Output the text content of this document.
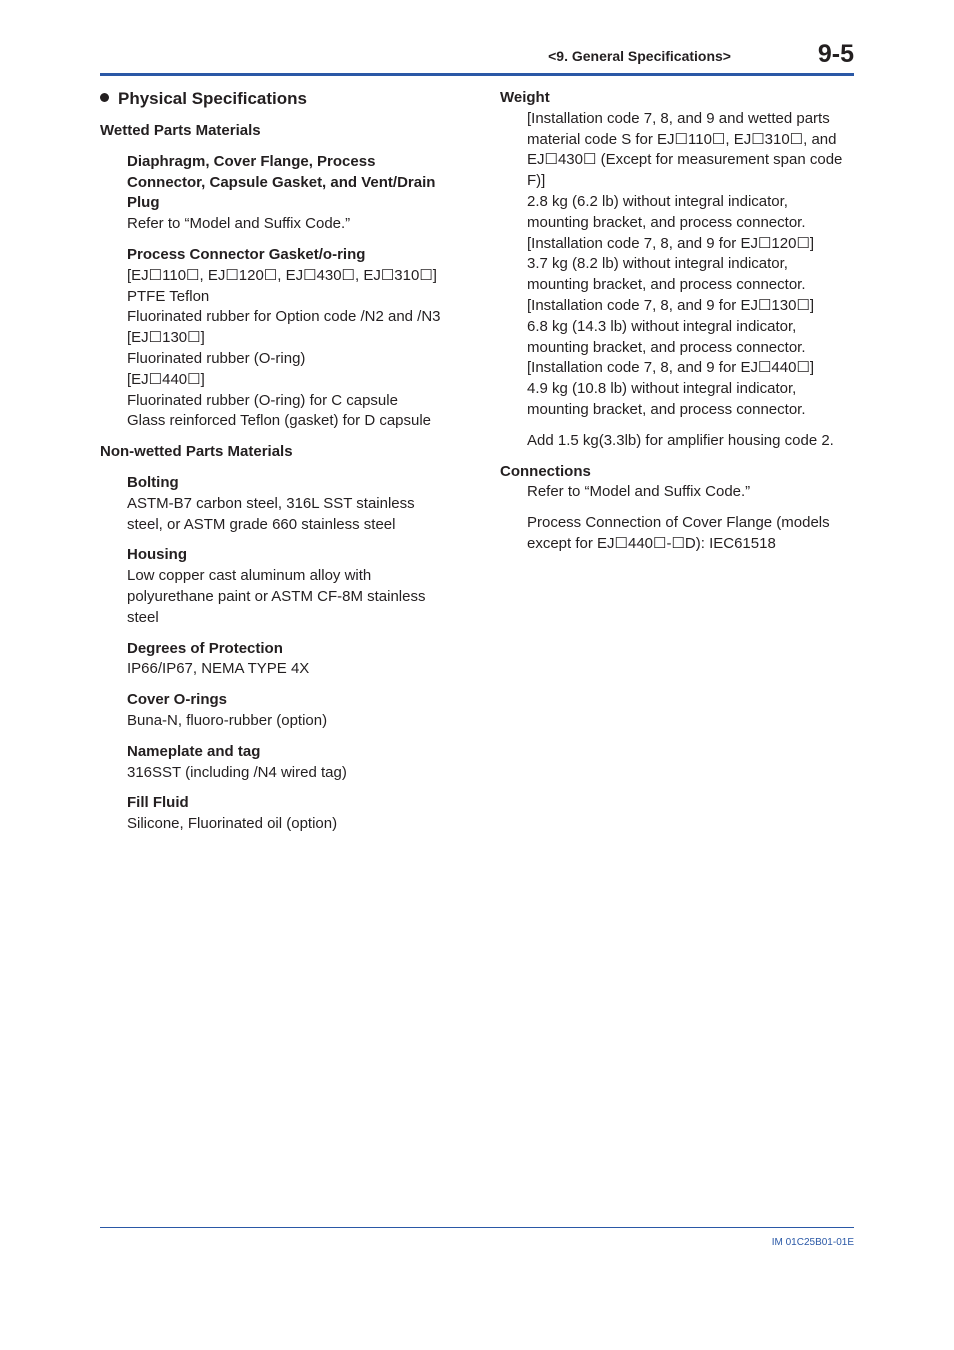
<9. General Specifications>	9-5
Physical Specifications
Wetted Parts Materials
Diaphragm, Cover Flange, Process
Connector, Capsule Gasket, and Vent/Drain
Plug
Refer to “Model and Suffix Code.”
Process Connector Gasket/o-ring
[EJ☐110☐, EJ☐120☐, EJ☐430☐, EJ☐310☐]
PTFE Teflon
Fluorinated rubber for Option code /N2 and /N3
[EJ☐130☐]
Fluorinated rubber (O-ring)
[EJ☐440☐]
Fluorinated rubber (O-ring) for C capsule
Glass reinforced Teflon (gasket) for D capsule
Non-wetted Parts Materials
Bolting
ASTM-B7 carbon steel, 316L SST stainless
steel, or ASTM grade 660 stainless steel
Housing
Low copper cast aluminum alloy with
polyurethane paint or ASTM CF-8M stainless
steel
Degrees of Protection
IP66/IP67, NEMA TYPE 4X
Cover O-rings
Buna-N, fluoro-rubber (option)
Nameplate and tag
316SST (including /N4 wired tag)
Fill Fluid
Silicone, Fluorinated oil (option)
Weight
[Installation code 7, 8, and 9 and wetted parts
material code S for EJ☐110☐, EJ☐310☐, and
EJ☐430☐ (Except for measurement span code
F)]
2.8 kg (6.2 lb) without integral indicator,
mounting bracket, and process connector.
[Installation code 7, 8, and 9 for EJ☐120☐]
3.7 kg (8.2 lb) without integral indicator,
mounting bracket, and process connector.
[Installation code 7, 8, and 9 for EJ☐130☐]
6.8 kg (14.3 lb) without integral indicator,
mounting bracket, and process connector.
[Installation code 7, 8, and 9 for EJ☐440☐]
4.9 kg (10.8 lb) without integral indicator,
mounting bracket, and process connector.
Add 1.5 kg(3.3lb) for amplifier housing code 2.
Connections
Refer to “Model and Suffix Code.”
Process Connection of Cover Flange (models
except for EJ☐440☐-☐D): IEC61518
IM 01C25B01-01E
